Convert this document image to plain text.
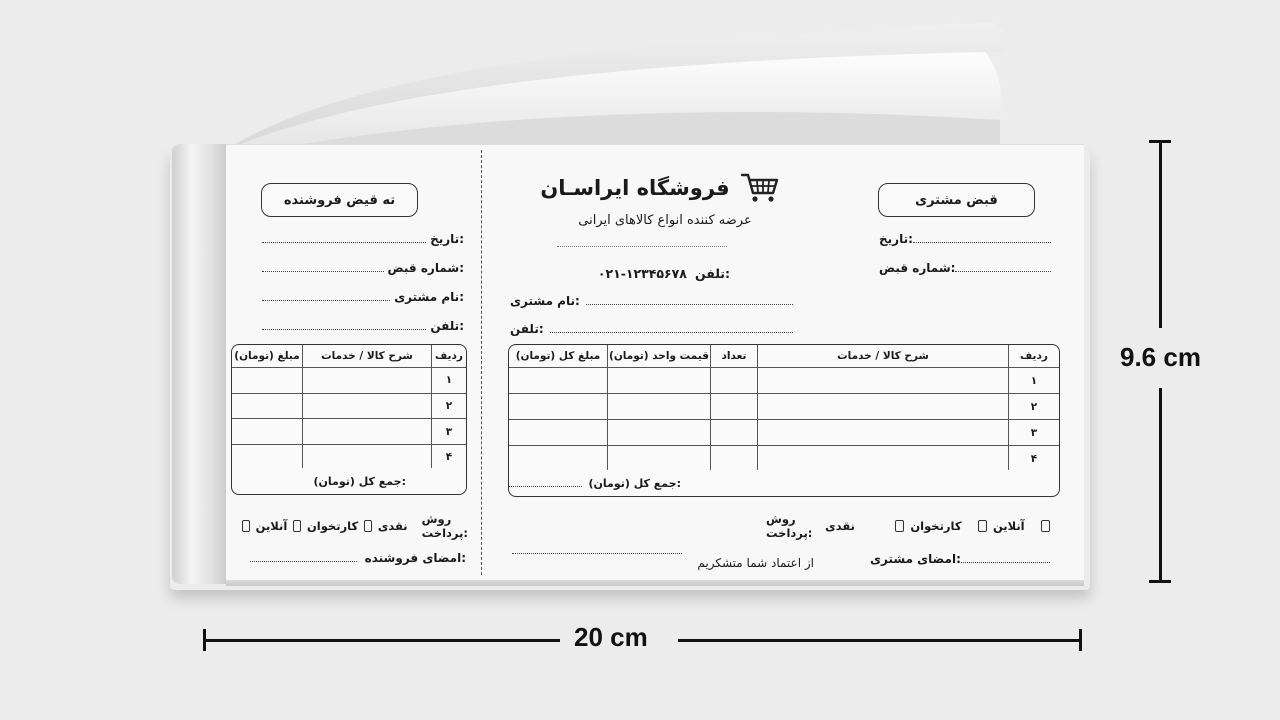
ته قیض فروشنده
تاریخ:
شماره قبض:
نام مشتری:
تلفن:
ردیف	شرح کالا / خدمات	مبلغ (تومان)
۱		
۲		
۳		
۴		
جمع کل (تومان):
روش پرداخت:
نقدی
کارتخوان
آنلاین
امضای فروشنده:
فروشگاه ایراسـان
عرضه کننده انواع کالاهای ایرانی
تلفن:
۰۲۱-۱۲۳۴۵۶۷۸
نام مشتری:
تلفن:
ردیف	شرح کالا / خدمات	تعداد	قیمت واحد (تومان)	مبلغ کل (تومان)
۱				
۲				
۳				
۴				
جمع کل (تومان):
آنلاین
کارتخوان
نقدی
روش پرداخت:
امضای مشتری:
از اعتماد شما متشکریم
قبض مشتری
تاریخ:
شماره قبض:
20 cm
9.6 cm
